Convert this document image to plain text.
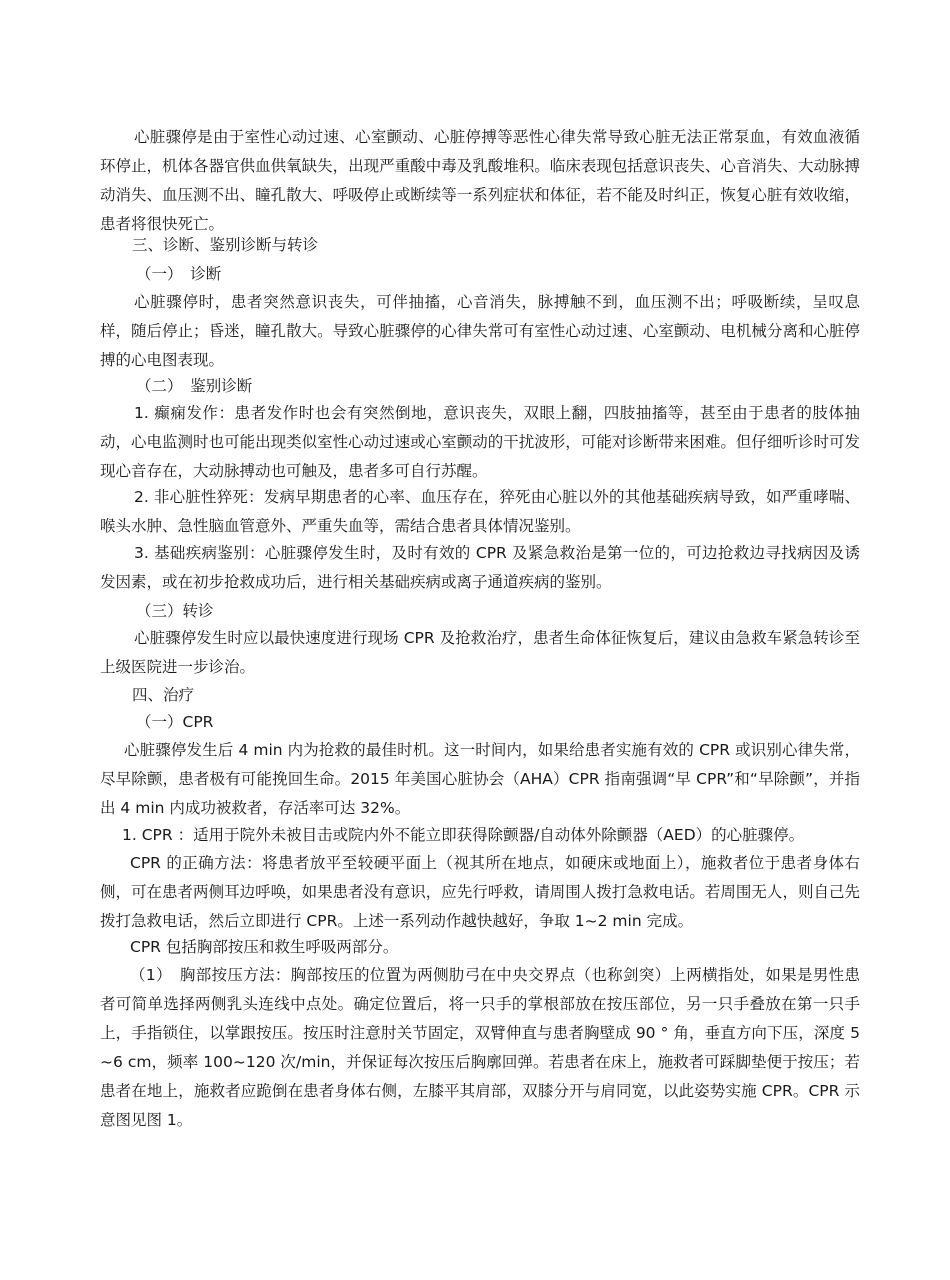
心脏骤停是由于室性心动过速、心室颤动、心脏停搏等恶性心律失常导致心脏无法正常泵血，有效血液循环停止，机体各器官供血供氧缺失，出现严重酸中毒及乳酸堆积。临床表现包括意识丧失、心音消失、大动脉搏动消失、血压测不出、瞳孔散大、呼吸停止或断续等一系列症状和体征，若不能及时纠正，恢复心脏有效收缩，患者将很快死亡。

三、诊断、鉴别诊断与转诊

（一）　诊断

心脏骤停时，患者突然意识丧失，可伴抽搐，心音消失，脉搏触不到，血压测不出；呼吸断续，呈叹息样，随后停止；昏迷，瞳孔散大。导致心脏骤停的心律失常可有室性心动过速、心室颤动、电机械分离和心脏停搏的心电图表现。

（二）　鉴别诊断

1. 癫痫发作：患者发作时也会有突然倒地，意识丧失，双眼上翻，四肢抽搐等，甚至由于患者的肢体抽动，心电监测时也可能出现类似室性心动过速或心室颤动的干扰波形，可能对诊断带来困难。但仔细听诊时可发现心音存在，大动脉搏动也可触及，患者多可自行苏醒。

2. 非心脏性猝死：发病早期患者的心率、血压存在，猝死由心脏以外的其他基础疾病导致，如严重哮喘、喉头水肿、急性脑血管意外、严重失血等，需结合患者具体情况鉴别。

3. 基础疾病鉴别：心脏骤停发生时，及时有效的 CPR 及紧急救治是第一位的，可边抢救边寻找病因及诱发因素，或在初步抢救成功后，进行相关基础疾病或离子通道疾病的鉴别。

（三）转诊

心脏骤停发生时应以最快速度进行现场 CPR 及抢救治疗，患者生命体征恢复后，建议由急救车紧急转诊至上级医院进一步诊治。

四、治疗

（一）CPR

心脏骤停发生后 4 min 内为抢救的最佳时机。这一时间内，如果给患者实施有效的 CPR 或识别心律失常，尽早除颤，患者极有可能挽回生命。2015 年美国心脏协会（AHA）CPR 指南强调“早 CPR”和“早除颤”，并指出 4 min 内成功被救者，存活率可达 32%。

1. CPR ：适用于院外未被目击或院内外不能立即获得除颤器/自动体外除颤器（AED）的心脏骤停。

CPR 的正确方法：将患者放平至较硬平面上（视其所在地点，如硬床或地面上），施救者位于患者身体右侧，可在患者两侧耳边呼唤，如果患者没有意识，应先行呼救，请周围人拨打急救电话。若周围无人，则自己先拨打急救电话，然后立即进行 CPR。上述一系列动作越快越好，争取 1~2 min 完成。

CPR 包括胸部按压和救生呼吸两部分。

（1）　胸部按压方法：胸部按压的位置为两侧肋弓在中央交界点（也称剑突）上两横指处，如果是男性患者可简单选择两侧乳头连线中点处。确定位置后，将一只手的掌根部放在按压部位，另一只手叠放在第一只手上，手指锁住，以掌跟按压。按压时注意肘关节固定，双臂伸直与患者胸壁成 90 ° 角，垂直方向下压，深度 5~6 cm，频率 100~120 次/min，并保证每次按压后胸廓回弹。若患者在床上，施救者可踩脚垫便于按压；若患者在地上，施救者应跪倒在患者身体右侧，左膝平其肩部，双膝分开与肩同宽，以此姿势实施 CPR。CPR 示意图见图 1。
